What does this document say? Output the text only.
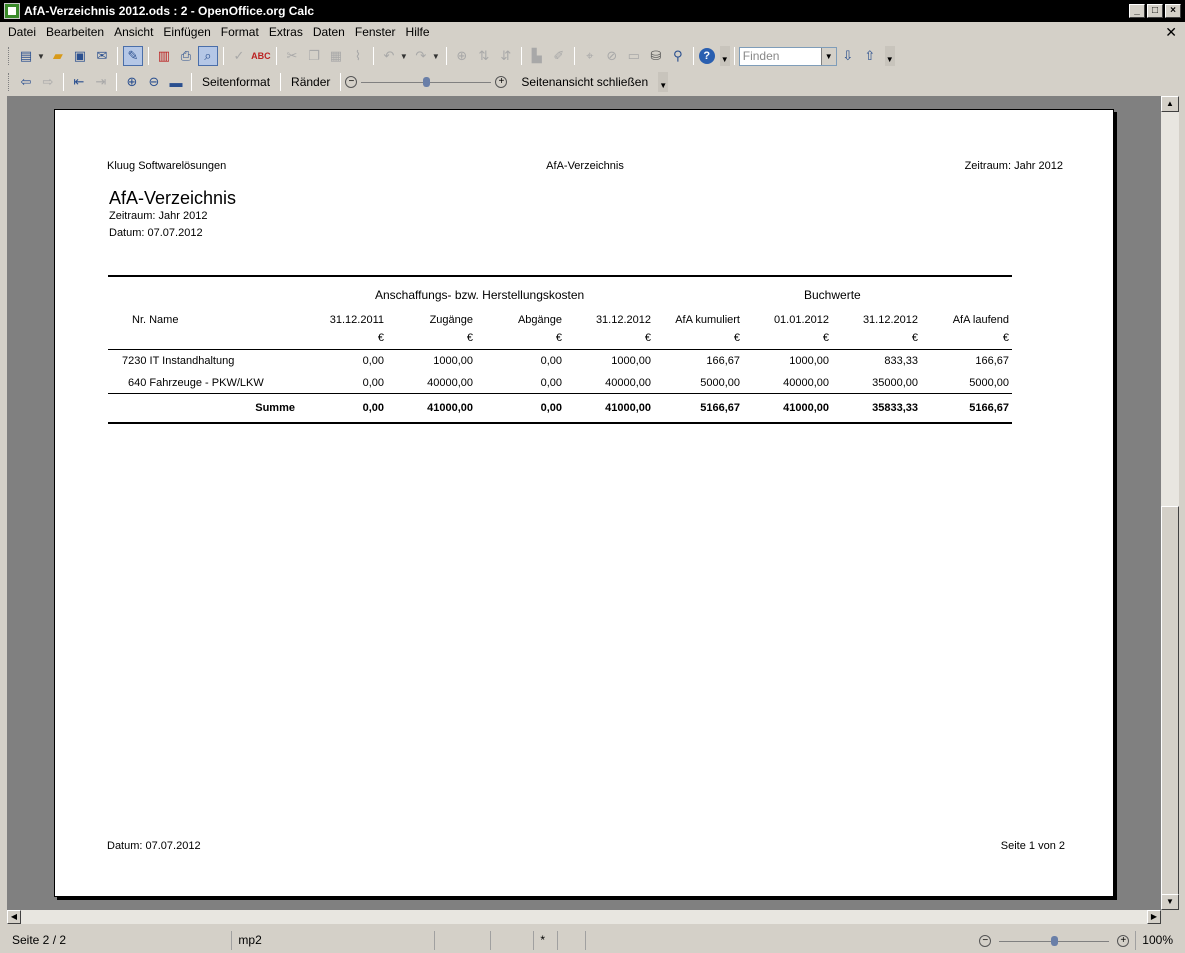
AfA-Verzeichnis 2012.ods : 2 - OpenOffice.org Calc	_	□	×
Datei Bearbeiten Ansicht Einfügen Format Extras Daten Fenster Hilfe	✕
▤ ▼ ▰ ▣ ✉	✎	▥ ⎙	⌕	✓ ABC	✂ ❐ ▦ ⌇	↶ ▼ ↷ ▼	⊕ ⇅ ⇵	▙ ✐	⌖ ⊘ ▭ ⛁ ⚲	?	▼ Finden	▼ ⇩ ⇧	▼
⇦ ⇨	⇤ ⇥	⊕ ⊖ ▬	Seitenformat	Ränder	−	+	Seitenansicht schließen	▼
Kluug Softwarelösungen	AfA-Verzeichnis	Zeitraum: Jahr 2012
AfA-Verzeichnis
Zeitraum: Jahr 2012
Datum: 07.07.2012
Anschaffungs- bzw. Herstellungskosten	Buchwerte
Nr. Name	31.12.2011	Zugänge	Abgänge	31.12.2012	AfA kumuliert	01.01.2012	31.12.2012	AfA laufend
€	€	€	€	€	€	€	€
7230 IT Instandhaltung	0,00	1000,00	0,00	1000,00	166,67	1000,00	833,33	166,67
640 Fahrzeuge - PKW/LKW	0,00	40000,00	0,00	40000,00	5000,00	40000,00	35000,00	5000,00
Summe	0,00	41000,00	0,00	41000,00	5166,67	41000,00	35833,33	5166,67
Datum: 07.07.2012	Seite 1 von 2
▲
▼
◀	▶
Seite 2 / 2	mp2	*	−	+	100%
